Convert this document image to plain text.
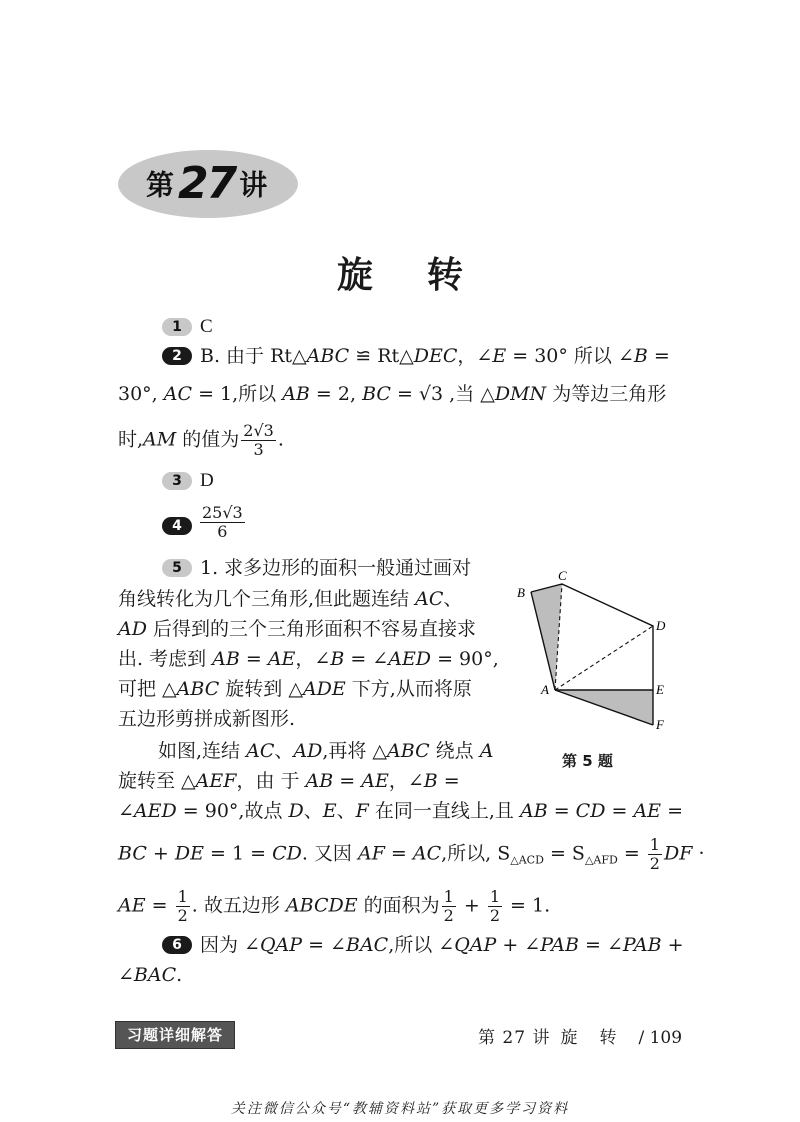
第27 讲
旋转
1 C
2 B. 由于 Rt△ABC ≌ Rt△DEC，∠E = 30° 所以 ∠B =
30°, AC = 1,所以 AB = 2, BC = √3 ,当 △DMN 为等边三角形
时,AM 的值为 $\frac{2√3}{3}$ .
3 D
4	$\frac{25√3}{6}$
5 1. 求多边形的面积一般通过画对
角线转化为几个三角形,但此题连结 AC、
AD 后得到的三个三角形面积不容易直接求
出. 考虑到 AB = AE，∠B = ∠AED = 90°,
可把 △ABC 旋转到 △ADE 下方,从而将原
五边形剪拼成新图形.
如图,连结 AC、AD,再将 △ABC 绕点 A
旋转至 △AEF，由 于 AB = AE，∠B =
∠AED = 90°,故点 D、E、F 在同一直线上,且 AB = CD = AE =
BC + DE = 1 = CD. 又因 AF = AC,所以, $S_{\triangle ACD} = S_{\triangle AFD} = \frac{1}{2}$ DF ·
AE = $\frac{1}{2}$ . 故五边形 ABCDE 的面积为 $\frac{1}{2} + \frac{1}{2} = 1$.
B
C
D
A	E
F
第 5 题
6 因为 ∠QAP = ∠BAC,所以 ∠QAP + ∠PAB = ∠PAB +
∠BAC.
习题详细解答	第 27 讲 旋转/ 109
关注微信公众号“教辅资料站”获取更多学习资料
